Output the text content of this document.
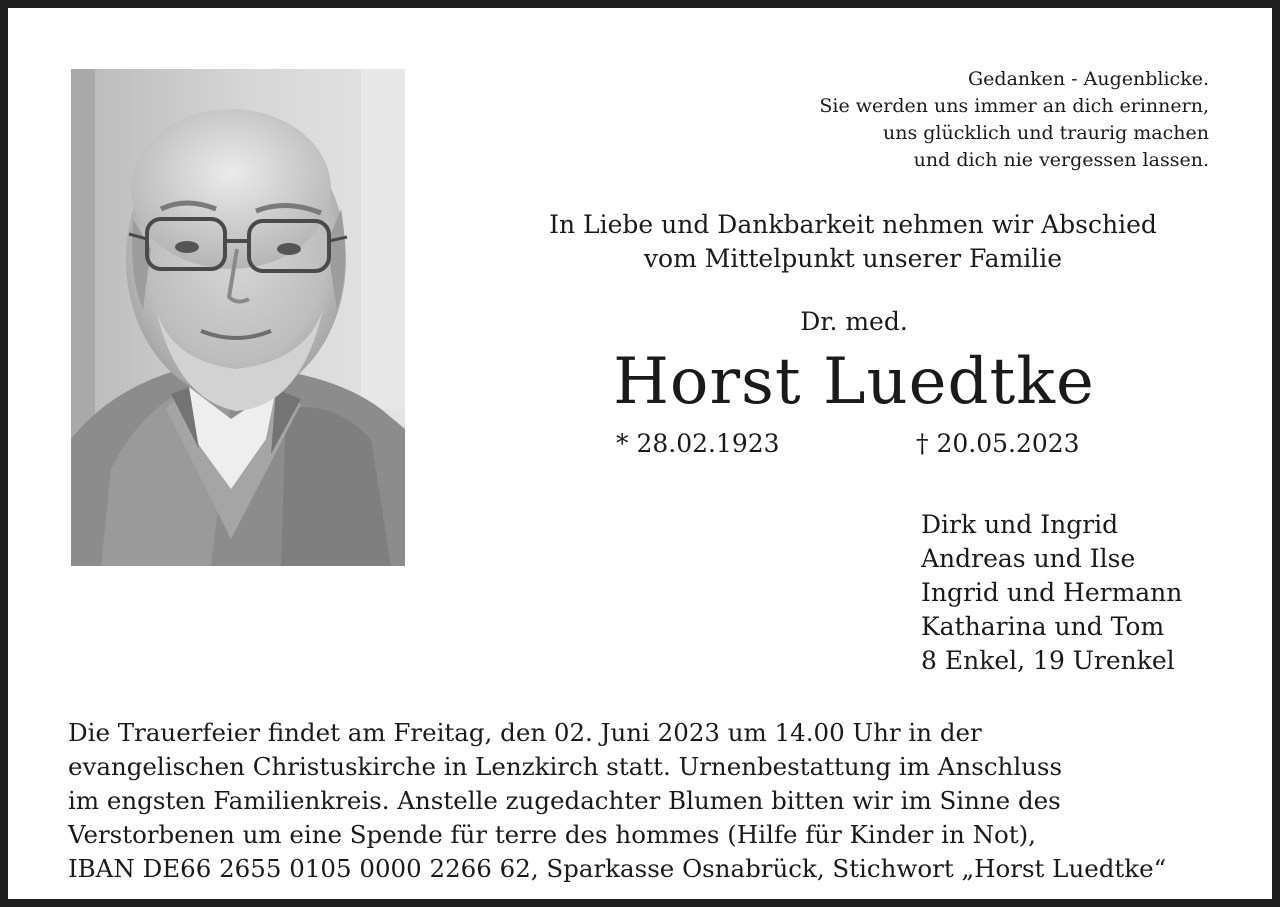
Gedanken - Augenblicke.
Sie werden uns immer an dich erinnern,
uns glücklich und traurig machen
und dich nie vergessen lassen.
In Liebe und Dankbarkeit nehmen wir Abschied
vom Mittelpunkt unserer Familie
Dr. med.
Horst Luedtke
* 28.02.1923	† 20.05.2023
Dirk und Ingrid
Andreas und Ilse
Ingrid und Hermann
Katharina und Tom
8 Enkel, 19 Urenkel
Die Trauerfeier findet am Freitag, den 02. Juni 2023 um 14.00 Uhr in der
evangelischen Christuskirche in Lenzkirch statt. Urnenbestattung im Anschluss
im engsten Familienkreis. Anstelle zugedachter Blumen bitten wir im Sinne des
Verstorbenen um eine Spende für terre des hommes (Hilfe für Kinder in Not),
IBAN DE66 2655 0105 0000 2266 62, Sparkasse Osnabrück, Stichwort „Horst Luedtke“
